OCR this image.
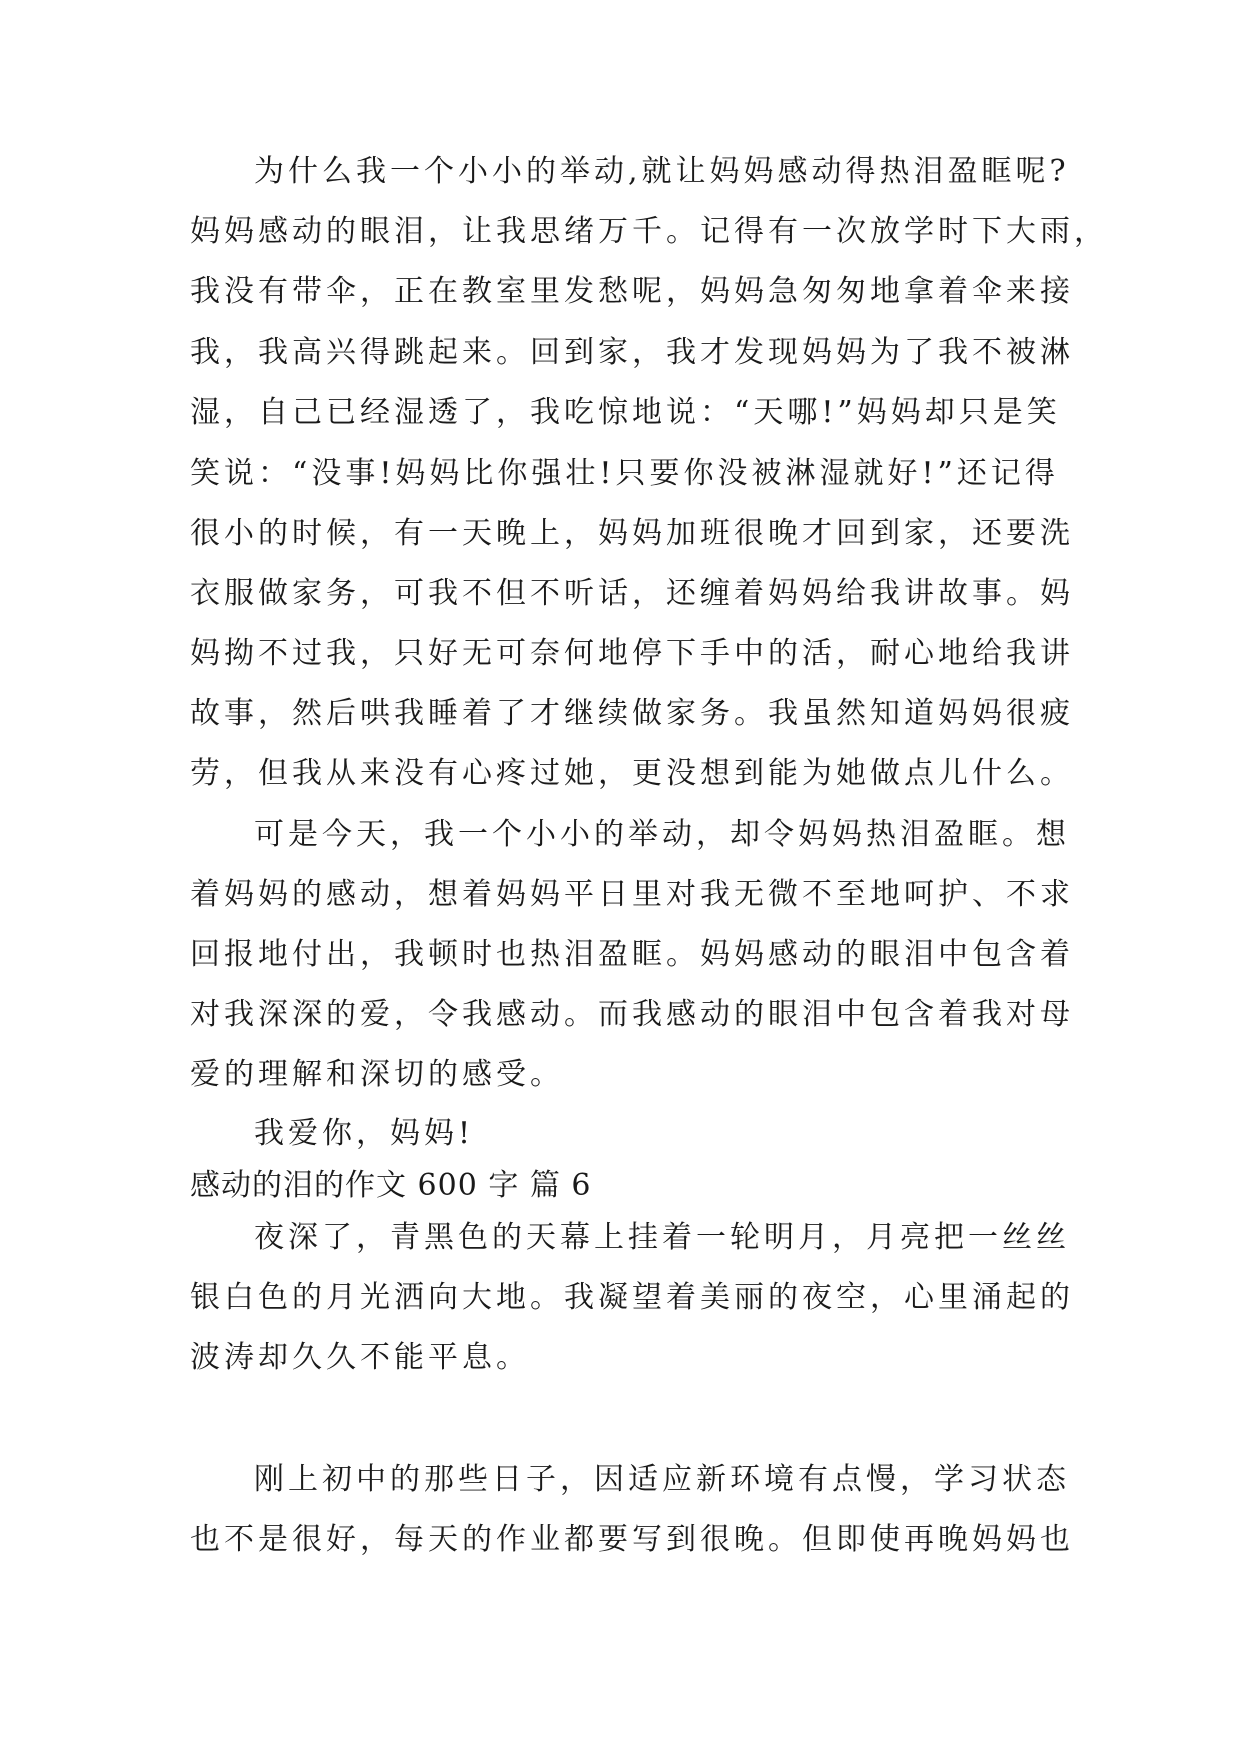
为什么我一个小小的举动,就让妈妈感动得热泪盈眶呢?
妈妈感动的眼泪，让我思绪万千。记得有一次放学时下大雨，
我没有带伞，正在教室里发愁呢，妈妈急匆匆地拿着伞来接
我，我高兴得跳起来。回到家，我才发现妈妈为了我不被淋
湿，自己已经湿透了，我吃惊地说：“天哪!”妈妈却只是笑
笑说：“没事!妈妈比你强壮!只要你没被淋湿就好!”还记得
很小的时候，有一天晚上，妈妈加班很晚才回到家，还要洗
衣服做家务，可我不但不听话，还缠着妈妈给我讲故事。妈
妈拗不过我，只好无可奈何地停下手中的活，耐心地给我讲
故事，然后哄我睡着了才继续做家务。我虽然知道妈妈很疲
劳，但我从来没有心疼过她，更没想到能为她做点儿什么。
可是今天，我一个小小的举动，却令妈妈热泪盈眶。想
着妈妈的感动，想着妈妈平日里对我无微不至地呵护、不求
回报地付出，我顿时也热泪盈眶。妈妈感动的眼泪中包含着
对我深深的爱，令我感动。而我感动的眼泪中包含着我对母
爱的理解和深切的感受。
我爱你，妈妈!
感动的泪的作文 600 字 篇 6
夜深了，青黑色的天幕上挂着一轮明月，月亮把一丝丝
银白色的月光洒向大地。我凝望着美丽的夜空，心里涌起的
波涛却久久不能平息。
刚上初中的那些日子，因适应新环境有点慢，学习状态
也不是很好，每天的作业都要写到很晚。但即使再晚妈妈也
